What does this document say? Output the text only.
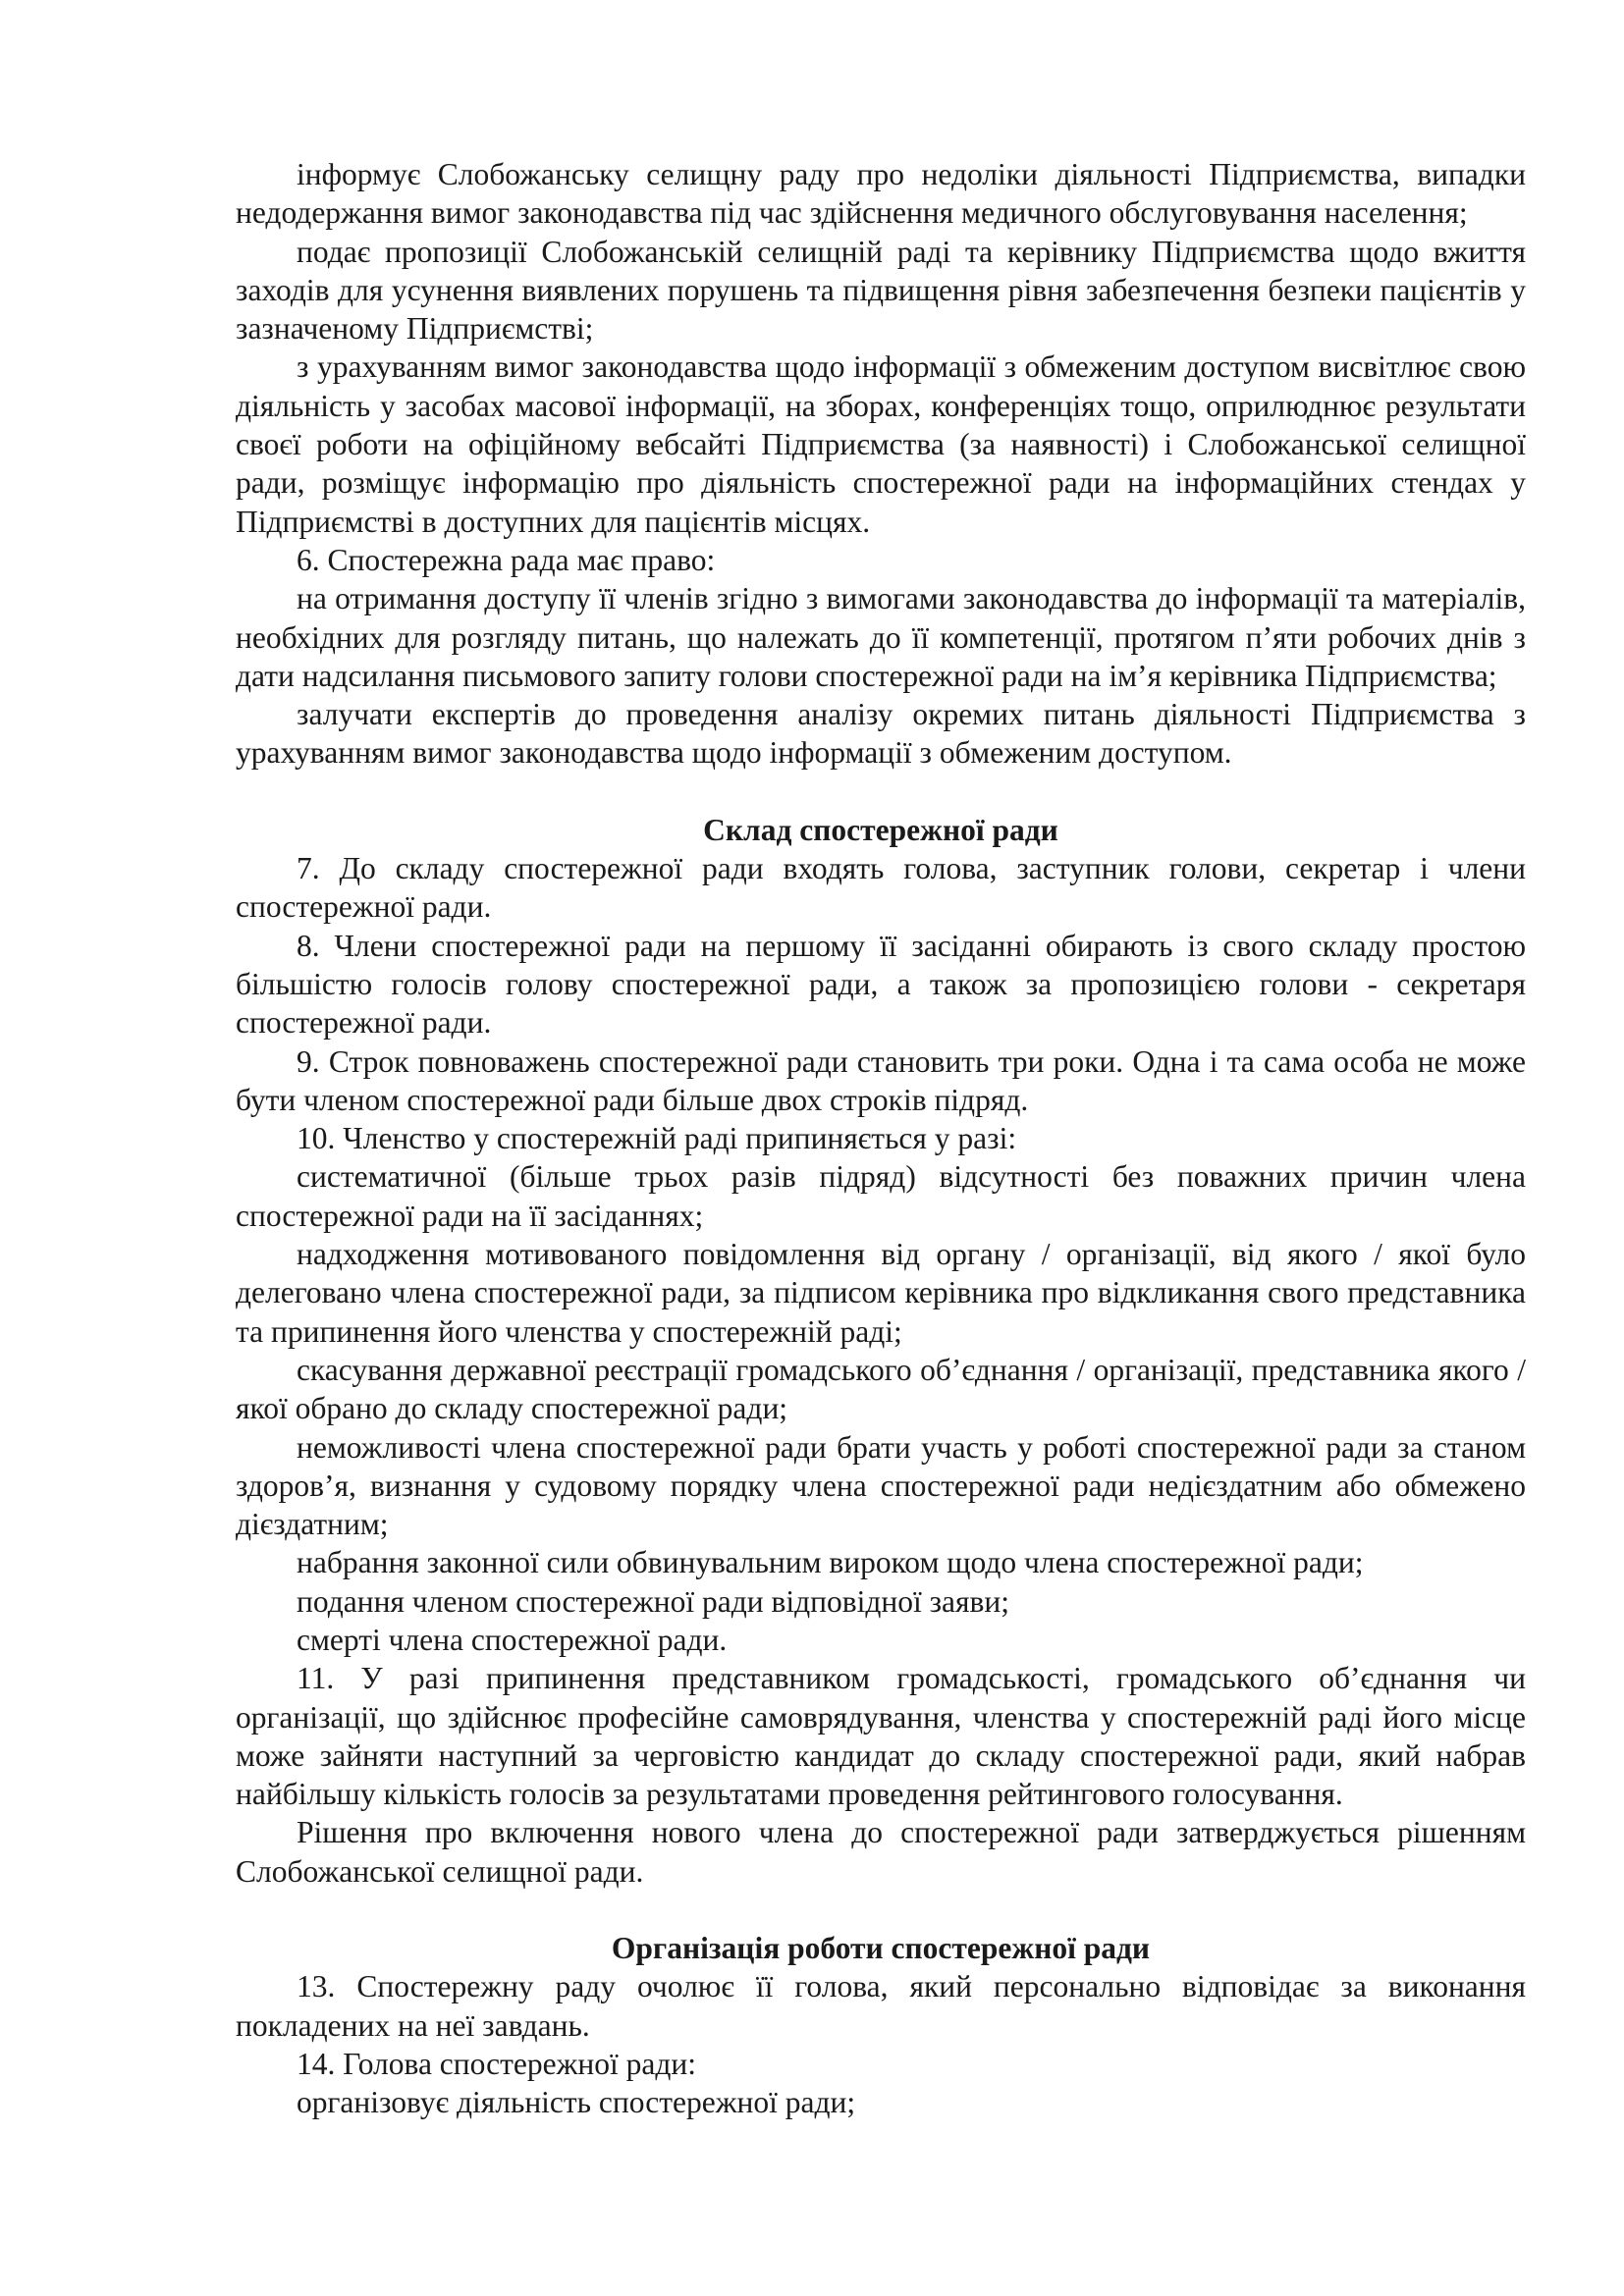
інформує Слобожанську селищну раду про недоліки діяльності Підприємства, випадки недодержання вимог законодавства під час здійснення медичного обслуговування населення;

подає пропозиції Слобожанській селищній раді та керівнику Підприємства щодо вжиття заходів для усунення виявлених порушень та підвищення рівня забезпечення безпеки пацієнтів у зазначеному Підприємстві;

з урахуванням вимог законодавства щодо інформації з обмеженим доступом висвітлює свою діяльність у засобах масової інформації, на зборах, конференціях тощо, оприлюднює результати своєї роботи на офіційному вебсайті Підприємства (за наявності) і Слобожанської селищної ради, розміщує інформацію про діяльність спостережної ради на інформаційних стендах у Підприємстві в доступних для пацієнтів місцях.

6. Спостережна рада має право:

на отримання доступу її членів згідно з вимогами законодавства до інформації та матеріалів, необхідних для розгляду питань, що належать до її компетенції, протягом п’яти робочих днів з дати надсилання письмового запиту голови спостережної ради на ім’я керівника Підприємства;

залучати експертів до проведення аналізу окремих питань діяльності Підприємства з урахуванням вимог законодавства щодо інформації з обмеженим доступом.

Склад спостережної ради

7. До складу спостережної ради входять голова, заступник голови, секретар і члени спостережної ради.

8. Члени спостережної ради на першому її засіданні обирають із свого складу простою більшістю голосів голову спостережної ради, а також за пропозицією голови - секретаря спостережної ради.

9. Строк повноважень спостережної ради становить три роки. Одна і та сама особа не може бути членом спостережної ради більше двох строків підряд.

10. Членство у спостережній раді припиняється у разі:

систематичної (більше трьох разів підряд) відсутності без поважних причин члена спостережної ради на її засіданнях;

надходження мотивованого повідомлення від органу / організації, від якого / якої було делеговано члена спостережної ради, за підписом керівника про відкликання свого представника та припинення його членства у спостережній раді;

скасування державної реєстрації громадського об’єднання / організації, представника якого / якої обрано до складу спостережної ради;

неможливості члена спостережної ради брати участь у роботі спостережної ради за станом здоров’я, визнання у судовому порядку члена спостережної ради недієздатним або обмежено дієздатним;

набрання законної сили обвинувальним вироком щодо члена спостережної ради;

подання членом спостережної ради відповідної заяви;

смерті члена спостережної ради.

11. У разі припинення представником громадськості, громадського об’єднання чи організації, що здійснює професійне самоврядування, членства у спостережній раді його місце може зайняти наступний за черговістю кандидат до складу спостережної ради, який набрав найбільшу кількість голосів за результатами проведення рейтингового голосування.

Рішення про включення нового члена до спостережної ради затверджується рішенням Слобожанської селищної ради.

Організація роботи спостережної ради

13. Спостережну раду очолює її голова, який персонально відповідає за виконання покладених на неї завдань.

14. Голова спостережної ради:

організовує діяльність спостережної ради;
